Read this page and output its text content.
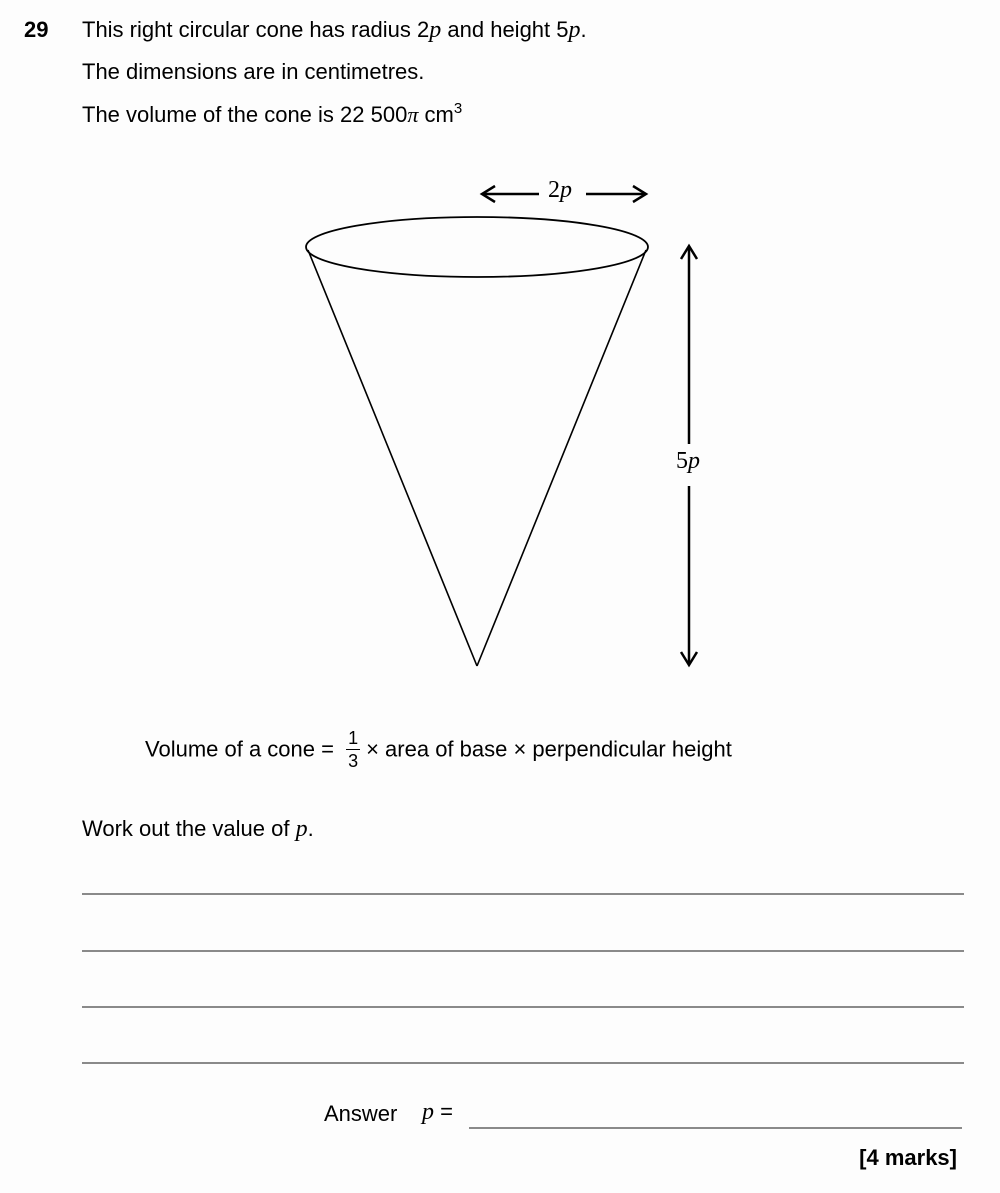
29 This right circular cone has radius 2p and height 5p.
The dimensions are in centimetres.
The volume of the cone is 22 500π $cm^3$
2p
5p
Volume of a cone = $\frac{1}{3}$ × area of base × perpendicular height
Work out the value of p.
Answer p =
[4 marks]
